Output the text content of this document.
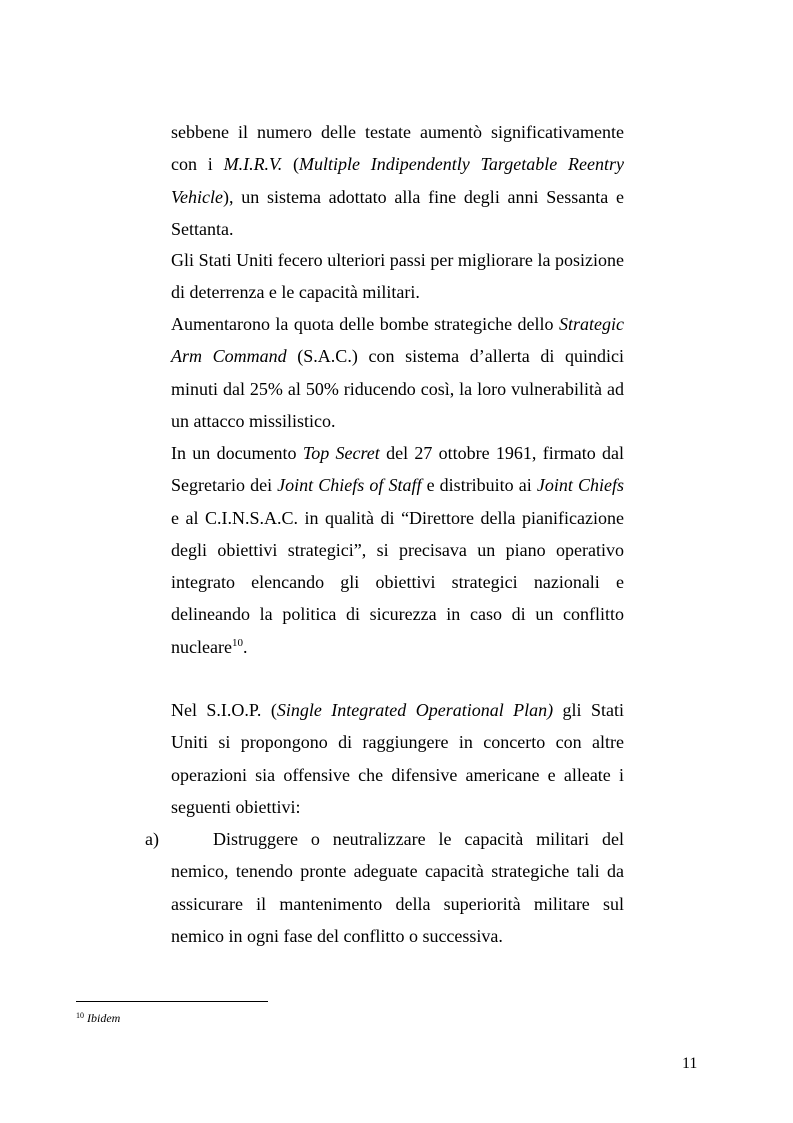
sebbene il numero delle testate aumentò significativamente con i M.I.R.V. (Multiple Indipendently Targetable Reentry Vehicle), un sistema adottato alla fine degli anni Sessanta e Settanta.

Gli Stati Uniti fecero ulteriori passi per migliorare la posizione di deterrenza e le capacità militari.

Aumentarono la quota delle bombe strategiche dello Strategic Arm Command (S.A.C.) con sistema d’allerta di quindici minuti dal 25% al 50% riducendo così, la loro vulnerabilità ad un attacco missilistico.

In un documento Top Secret del 27 ottobre 1961, firmato dal Segretario dei Joint Chiefs of Staff e distribuito ai Joint Chiefs e al C.I.N.S.A.C. in qualità di “Direttore della pianificazione degli obiettivi strategici”, si precisava un piano operativo integrato elencando gli obiettivi strategici nazionali e delineando la politica di sicurezza in caso di un conflitto nucleare$^{10}$.

Nel S.I.O.P. (Single Integrated Operational Plan) gli Stati Uniti si propongono di raggiungere in concerto con altre operazioni sia offensive che difensive americane e alleate i seguenti obiettivi:

a)	Distruggere o neutralizzare le capacità militari del nemico, tenendo pronte adeguate capacità strategiche tali da assicurare il mantenimento della superiorità militare sul nemico in ogni fase del conflitto o successiva.

$^{10}$ Ibidem
11
